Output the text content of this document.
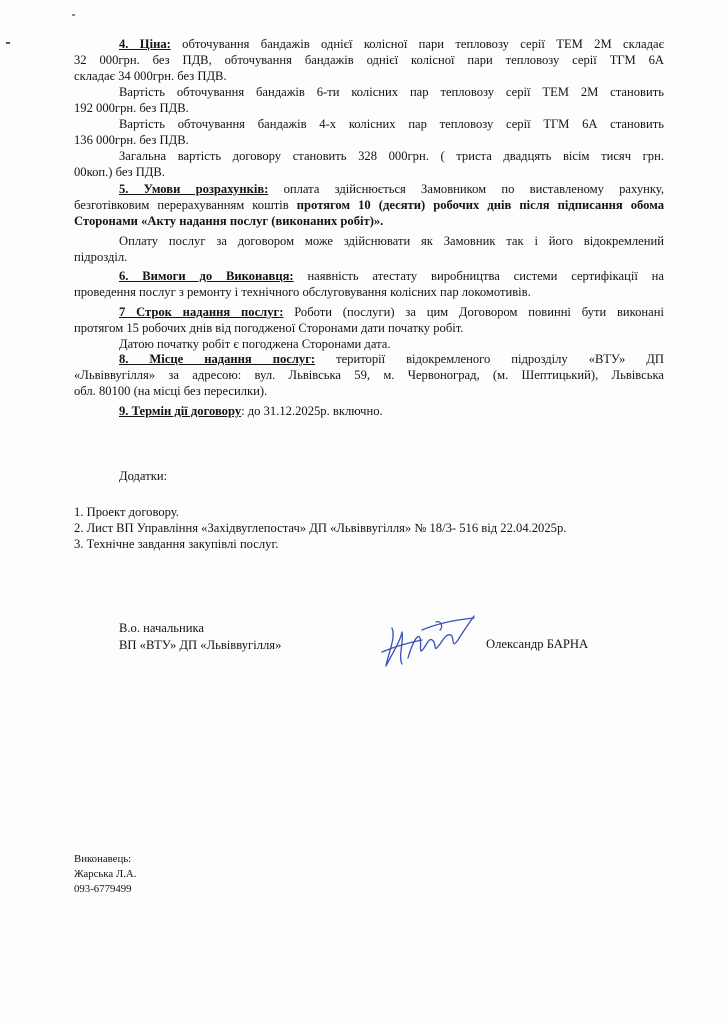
4. Ціна: обточування бандажів однієї колісної пари тепловозу серії ТЕМ 2М складає
32 000грн. без ПДВ, обточування бандажів однієї колісної пари тепловозу серії ТГМ 6А
складає 34 000грн. без ПДВ.
Вартість обточування бандажів 6-ти колісних пар тепловозу серії ТЕМ 2М становить
192 000грн. без ПДВ.
Вартість обточування бандажів 4-х колісних пар тепловозу серії ТГМ 6А становить
136 000грн. без ПДВ.
Загальна вартість договору становить 328 000грн. ( триста двадцять вісім тисяч грн.
00коп.) без ПДВ.
5. Умови розрахунків: оплата здійснюється Замовником по виставленому рахунку,
безготівковим перерахуванням коштів протягом 10 (десяти) робочих днів після підписання обома
Сторонами «Акту надання послуг (виконаних робіт)».
Оплату послуг за договором може здійснювати як Замовник так і його відокремлений
підрозділ.
6. Вимоги до Виконавця: наявність атестату виробництва системи сертифікації на
проведення послуг з ремонту і технічного обслуговування колісних пар локомотивів.
7 Строк надання послуг: Роботи (послуги) за цим Договором повинні бути виконані
протягом 15 робочих днів від погодженої Сторонами дати початку робіт.
Датою початку робіт є погоджена Сторонами дата.
8. Місце надання послуг: території відокремленого підрозділу «ВТУ» ДП
«Львіввугілля» за адресою: вул. Львівська 59, м. Червоноград, (м. Шептицький), Львівська
обл. 80100 (на місці без пересилки).
9. Термін дії договору: до 31.12.2025р. включно.
Додатки:
1. Проект договору.
2. Лист ВП Управління «Західвуглепостач» ДП «Львіввугілля» № 18/3- 516 від 22.04.2025р.
3. Технічне завдання закупівлі послуг.
В.о. начальника
ВП «ВТУ» ДП «Львіввугілля»	Олександр БАРНА
Виконавець:
Жарська Л.А.
093-6779499
